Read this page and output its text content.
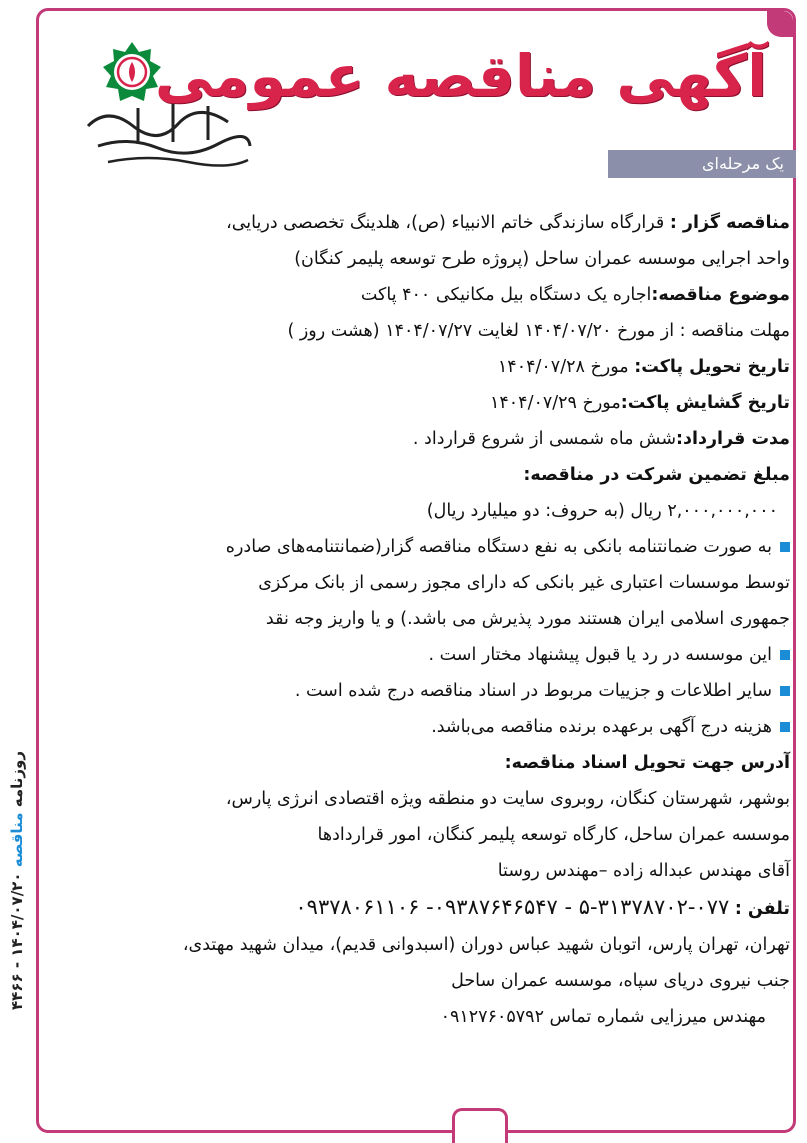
روزنامه مناقصه ۱۴۰۴/۰۷/۲۰ - ۴۴۶۶
آگهی مناقصه عمومی
یک مرحله‌ای

مناقصه گزار : قرارگاه سازندگی خاتم الانبیاء (ص)، هلدینگ تخصصی دریایی،

واحد اجرایی موسسه عمران ساحل (پروژه طرح توسعه پلیمر کنگان)

موضوع مناقصه:اجاره یک دستگاه بیل مکانیکی ۴۰۰ پاکت

مهلت مناقصه : از مورخ ۱۴۰۴/۰۷/۲۰ لغایت ۱۴۰۴/۰۷/۲۷ (هشت روز )

تاریخ تحویل پاکت: مورخ ۱۴۰۴/۰۷/۲۸

تاریخ گشایش پاکت:مورخ ۱۴۰۴/۰۷/۲۹

مدت قرارداد:شش ماه شمسی از شروع قرارداد .

مبلغ تضمین شرکت در مناقصه:

۲,۰۰۰,۰۰۰,۰۰۰ ریال (به حروف: دو میلیارد ریال)

به صورت ضمانتنامه بانکی به نفع دستگاه مناقصه گزار(ضمانتنامه‌های صادره

توسط موسسات اعتباری غیر بانکی که دارای مجوز رسمی از بانک مرکزی

جمهوری اسلامی ایران هستند مورد پذیرش می باشد.) و یا واریز وجه نقد

این موسسه در رد یا قبول پیشنهاد مختار است .

سایر اطلاعات و جزییات مربوط در اسناد مناقصه درج شده است .

هزینه درج آگهی برعهده برنده مناقصه می‌باشد.

آدرس جهت تحویل اسناد مناقصه:

بوشهر، شهرستان کنگان، روبروی سایت دو منطقه ویژه اقتصادی انرژی پارس،

موسسه عمران ساحل، کارگاه توسعه پلیمر کنگان، امور قراردادها

آقای مهندس عبداله زاده –مهندس روستا

تلفن : ۰۷۷-۳۱۳۷۸۷۰۲-۵ - ۰۹۳۸۷۶۴۶۵۴۷- ۰۹۳۷۸۰۶۱۱۰۶

تهران، تهران پارس، اتوبان شهید عباس دوران (اسبدوانی قدیم)، میدان شهید مهتدی،

جنب نیروی دریای سپاه، موسسه عمران ساحل

مهندس میرزایی شماره تماس ۰۹۱۲۷۶۰۵۷۹۲
